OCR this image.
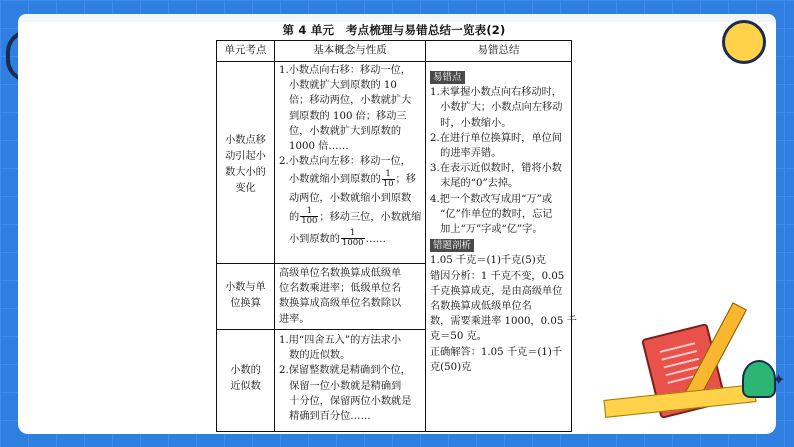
✦
第 4 单元　考点梳理与易错总结一览表(2)
单元考点	基本概念与性质	易错总结
小数点移
动引起小
数大小的
变化
1.小数点向右移：移动一位，
小数就扩大到原数的 10
倍；移动两位，小数就扩大
到原数的 100 倍；移动三
位，小数就扩大到原数的
1000 倍……
2.小数点向左移：移动一位，
小数就缩小到原数的 $\frac{1}{10}$ ；移
动两位，小数就缩小到原数
的 $\frac{1}{100}$ ；移动三位，小数就缩
小到原数的 $\frac{1}{1000}$ ……
小数与单
位换算
高级单位名数换算成低级单
位名数乘进率；低级单位名
数换算成高级单位名数除以
进率。
小数的
近似数
1.用“四舍五入”的方法求小
　数的近似数。
2.保留整数就是精确到个位，
　保留一位小数就是精确到
　十分位，保留两位小数就是
　精确到百分位……
易错点
1.未掌握小数点向右移动时，
　小数扩大；小数点向左移动
　时，小数缩小。
2.在进行单位换算时，单位间
　的进率弄错。
3.在表示近似数时，错将小数
　末尾的“0”去掉。
4.把一个数改写成用“万”或
　“亿”作单位的数时，忘记
　加上“万”字或“亿”字。
错题剖析
1.05 千克＝(1)千克(5)克
错因分析：1 千克不变，0.05
千克换算成克，是由高级单位
名数换算成低级单位名
数，需要乘进率 1000，0.05 千
克＝50 克。
正确解答：1.05 千克＝(1)千
克(50)克
